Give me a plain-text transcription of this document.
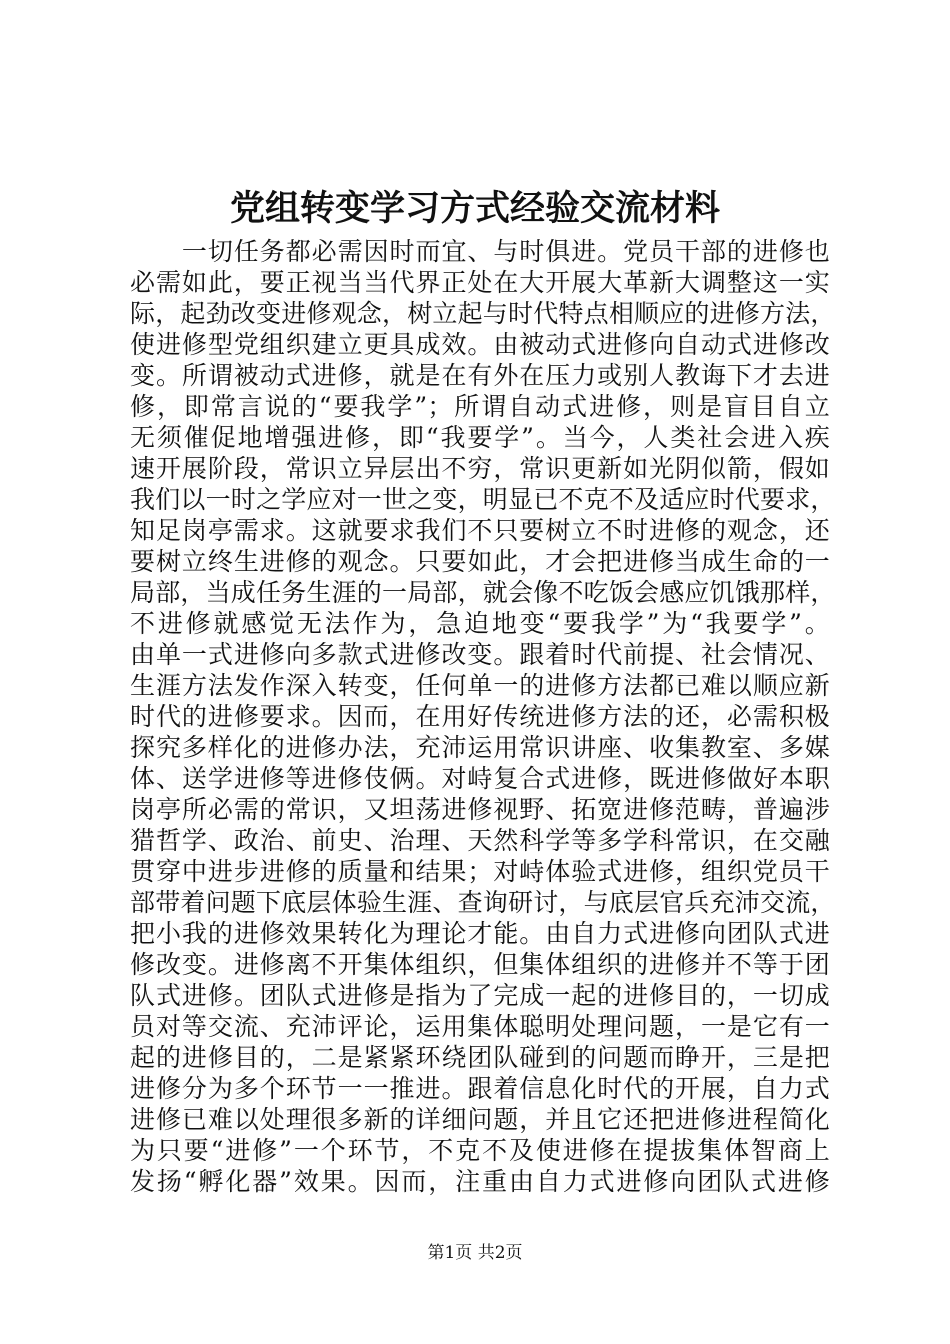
党组转变学习方式经验交流材料
　　一切任务都必需因时而宜、与时俱进。党员干部的进修也
必需如此，要正视当当代界正处在大开展大革新大调整这一实
际，起劲改变进修观念，树立起与时代特点相顺应的进修方法，
使进修型党组织建立更具成效。由被动式进修向自动式进修改
变。所谓被动式进修，就是在有外在压力或别人教诲下才去进
修，即常言说的“要我学”；所谓自动式进修，则是盲目自立
无须催促地增强进修，即“我要学”。当今，人类社会进入疾
速开展阶段，常识立异层出不穷，常识更新如光阴似箭，假如
我们以一时之学应对一世之变，明显已不克不及适应时代要求，
知足岗亭需求。这就要求我们不只要树立不时进修的观念，还
要树立终生进修的观念。只要如此，才会把进修当成生命的一
局部，当成任务生涯的一局部，就会像不吃饭会感应饥饿那样，
不进修就感觉无法作为，急迫地变“要我学”为“我要学”。
由单一式进修向多款式进修改变。跟着时代前提、社会情况、
生涯方法发作深入转变，任何单一的进修方法都已难以顺应新
时代的进修要求。因而，在用好传统进修方法的还，必需积极
探究多样化的进修办法，充沛运用常识讲座、收集教室、多媒
体、送学进修等进修伎俩。对峙复合式进修，既进修做好本职
岗亭所必需的常识，又坦荡进修视野、拓宽进修范畴，普遍涉
猎哲学、政治、前史、治理、天然科学等多学科常识，在交融
贯穿中进步进修的质量和结果；对峙体验式进修，组织党员干
部带着问题下底层体验生涯、查询研讨，与底层官兵充沛交流，
把小我的进修效果转化为理论才能。由自力式进修向团队式进
修改变。进修离不开集体组织，但集体组织的进修并不等于团
队式进修。团队式进修是指为了完成一起的进修目的，一切成
员对等交流、充沛评论，运用集体聪明处理问题，一是它有一
起的进修目的，二是紧紧环绕团队碰到的问题而睁开，三是把
进修分为多个环节一一推进。跟着信息化时代的开展，自力式
进修已难以处理很多新的详细问题，并且它还把进修进程简化
为只要“进修”一个环节，不克不及使进修在提拔集体智商上
发扬“孵化器”效果。因而，注重由自力式进修向团队式进修
第1页 共2页
